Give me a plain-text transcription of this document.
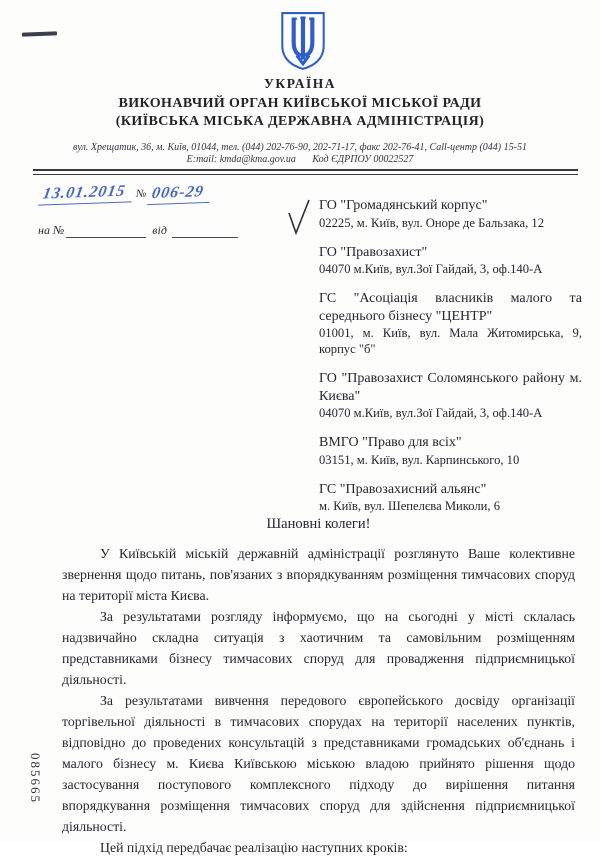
УКРАЇНА
ВИКОНАВЧИЙ ОРГАН КИЇВСЬКОЇ МІСЬКОЇ РАДИ
(КИЇВСЬКА МІСЬКА ДЕРЖАВНА АДМІНІСТРАЦІЯ)
вул. Хрещатик, 36, м. Київ, 01044, тел. (044) 202-76-90, 202-71-17, факс 202-76-41, Call-центр (044) 15-51
E:mail: kmda@kma.gov.ua Код ЄДРПОУ 00022527
13.01.2015 № 006-29
на №	від
ГО "Громадянський корпус"
02225, м. Київ, вул. Оноре де Бальзака, 12
ГО "Правозахист"
04070 м.Київ, вул.Зої Гайдай, 3, оф.140-А
ГС "Асоціація власників малого та середнього бізнесу "ЦЕНТР"
01001, м. Київ, вул. Мала Житомирська, 9, корпус "б"
ГО "Правозахист Соломянського району м. Києва"
04070 м.Київ, вул.Зої Гайдай, 3, оф.140-А
ВМГО "Право для всіх"
03151, м. Київ, вул. Карпинського, 10
ГС "Правозахисний альянс"
м. Київ, вул. Шепелєва Миколи, 6
085665
Шановні колеги!

У Київській міській державній адміністрації розглянуто Ваше колективне звернення щодо питань, пов'язаних з впорядкуванням розміщення тимчасових споруд на території міста Києва.

За результатами розгляду інформуємо, що на сьогодні у місті склалась надзвичайно складна ситуація з хаотичним та самовільним розміщенням представниками бізнесу тимчасових споруд для провадження підприємницької діяльності.

За результатами вивчення передового європейського досвіду організації торгівельної діяльності в тимчасових спорудах на території населених пунктів, відповідно до проведених консультацій з представниками громадських об'єднань і малого бізнесу м. Києва Київською міською владою прийнято рішення щодо застосування поступового комплексного підходу до вирішення питання впорядкування розміщення тимчасових споруд для здійснення підприємницької діяльності.

Цей підхід передбачає реалізацію наступних кроків:
